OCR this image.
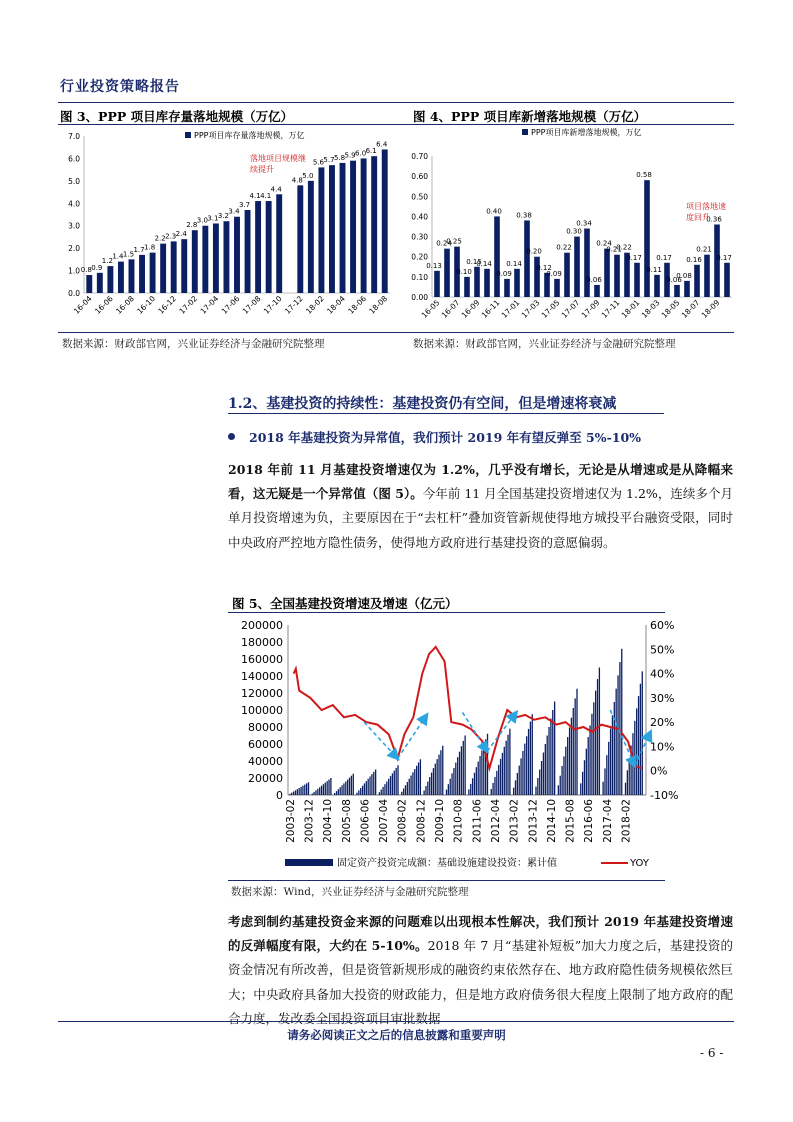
行业投资策略报告
图 3、PPP 项目库存量落地规模（万亿）	图 4、PPP 项目库新增落地规模（万亿）
0.0
1.0
2.0
3.0
4.0
5.0
6.0
7.0
0.8 0.9
1.2
1.4 1.5
1.7 1.8
2.2 2.3 2.4
2.8
3.0 3.1 3.2
3.4
3.7
4.1 4.1
4.4
4.8
5.0
5.6 5.7 5.8 5.9 6.0 6.1
6.4
16-04 16-06 16-08 16-10 16-12 17-02 17-04 17-06 17-08 17-10 17-12 18-02 18-04 18-06 18-08
PPP项目库存量落地规模，万亿
落地项目规模继
续提升
0.00
0.10
0.20
0.30
0.40
0.50
0.60
0.70
0.13
0.24
0.25
0.10
0.15
0.14
0.40
0.09
0.14
0.38
0.20
0.12
0.09
0.22
0.30
0.34
0.06
0.24
0.21
0.22
0.17
0.58
0.11
0.17
0.06
0.08
0.16
0.21
0.36
0.17
16-05
16-07
16-09
16-11
17-01
17-03
17-05
17-07
17-09
17-11
18-01
18-03
18-05
18-07
18-09
PPP项目库新增落地规模，万亿
项目落地速
度回升
数据来源：财政部官网，兴业证券经济与金融研究院整理	数据来源：财政部官网，兴业证券经济与金融研究院整理
1.2、基建投资的持续性：基建投资仍有空间，但是增速将衰减
2018 年基建投资为异常值，我们预计 2019 年有望反弹至 5%-10%
2018 年前 11 月基建投资增速仅为 1.2%，几乎没有增长，无论是从增速或是从降幅来看，这无疑是一个异常值（图 5）。今年前 11 月全国基建投资增速仅为 1.2%，连续多个月单月投资增速为负，主要原因在于“去杠杆”叠加资管新规使得地方城投平台融资受限，同时中央政府严控地方隐性债务，使得地方政府进行基建投资的意愿偏弱。
图 5、全国基建投资增速及增速（亿元）
0
20000
40000
60000
80000
100000
120000
140000
160000
180000
200000
-10%
0%
10%
20%
30%
40%
50%
60%
2003-02 2003-12 2004-10 2005-08 2006-06 2007-04 2008-02 2008-12 2009-10 2010-08 2011-06 2012-04 2013-02 2013-12 2014-10 2015-08 2016-06 2017-04 2018-02
固定资产投资完成额：基础设施建设投资：累计值	YOY
数据来源：Wind，兴业证券经济与金融研究院整理
考虑到制约基建投资金来源的问题难以出现根本性解决，我们预计 2019 年基建投资增速的反弹幅度有限，大约在 5-10%。2018 年 7 月“基建补短板”加大力度之后，基建投资的资金情况有所改善，但是资管新规形成的融资约束依然存在、地方政府隐性债务规模依然巨大；中央政府具备加大投资的财政能力，但是地方政府债务很大程度上限制了地方政府的配合力度，发改委全国投资项目审批数据
请务必阅读正文之后的信息披露和重要声明
- 6 -
